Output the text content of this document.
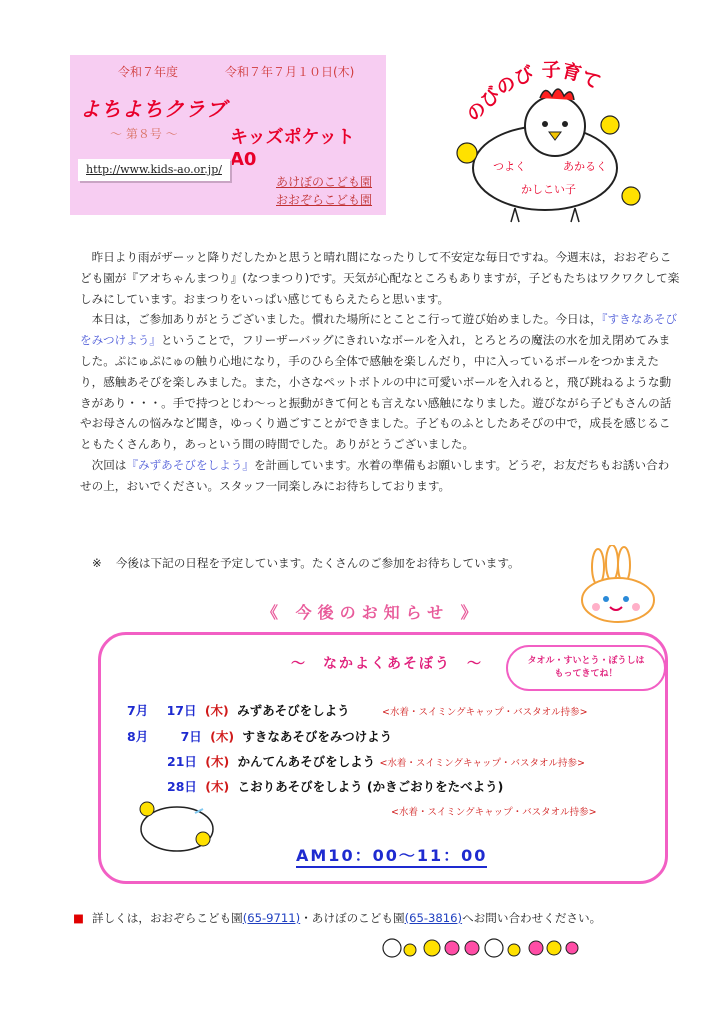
令和７年度	令和７年７月１０日(木)
よちよちクラブ
～ 第８号 ～	キッズポケット　A0
http://www.kids-ao.or.jp/
あけぼのこども園
おおぞらこども園
のびのび 子育て
つよく	あかるく
かしこい子

昨日より雨がザーッと降りだしたかと思うと晴れ間になったりして不安定な毎日ですね。今週末は，おおぞらこども園が『アオちゃんまつり』(なつまつり)です。天気が心配なところもありますが，子どもたちはワクワクして楽しみにしています。おまつりをいっぱい感じてもらえたらと思います。

本日は，ご参加ありがとうございました。慣れた場所にとことこ行って遊び始めました。今日は，『すきなあそびをみつけよう』ということで，フリーザーバッグにきれいなボールを入れ，とろとろの魔法の水を加え閉めてみました。ぷにゅぷにゅの触り心地になり，手のひら全体で感触を楽しんだり，中に入っているボールをつかまえたり，感触あそびを楽しみました。また，小さなペットボトルの中に可愛いボールを入れると，飛び跳ねるような動きがあり・・・。手で持つとじわ～っと振動がきて何とも言えない感触になりました。遊びながら子どもさんの話やお母さんの悩みなど聞き，ゆっくり過ごすことができました。子どものふとしたあそびの中で，成長を感じることもたくさんあり，あっという間の時間でした。ありがとうございました。

次回は『みずあそびをしよう』を計画しています。水着の準備もお願いします。どうぞ，お友だちもお誘い合わせの上，おいでください。スタッフ一同楽しみにお待ちしております。

※ 今後は下記の日程を予定しています。たくさんのご参加をお待ちしています。
《 今後のお知らせ 》
～　なかよくあそぼう　～	タオル・すいとう・ぼうしは
もってきてね！
7月 17日 (木) みずあそびをしよう	<水着・スイミングキャップ・バスタオル持参>
8月	7日 (木) すきなあそびをみつけよう
21日 (木) かんてんあそびをしよう <水着・スイミングキャップ・バスタオル持参>
28日 (木) こおりあそびをしよう (かきごおりをたべよう)
<水着・スイミングキャップ・バスタオル持参>
AM10：00～11：00
■ 詳しくは，おおぞらこども園(65-9711)・あけぼのこども園(65-3816)へお問い合わせください。
